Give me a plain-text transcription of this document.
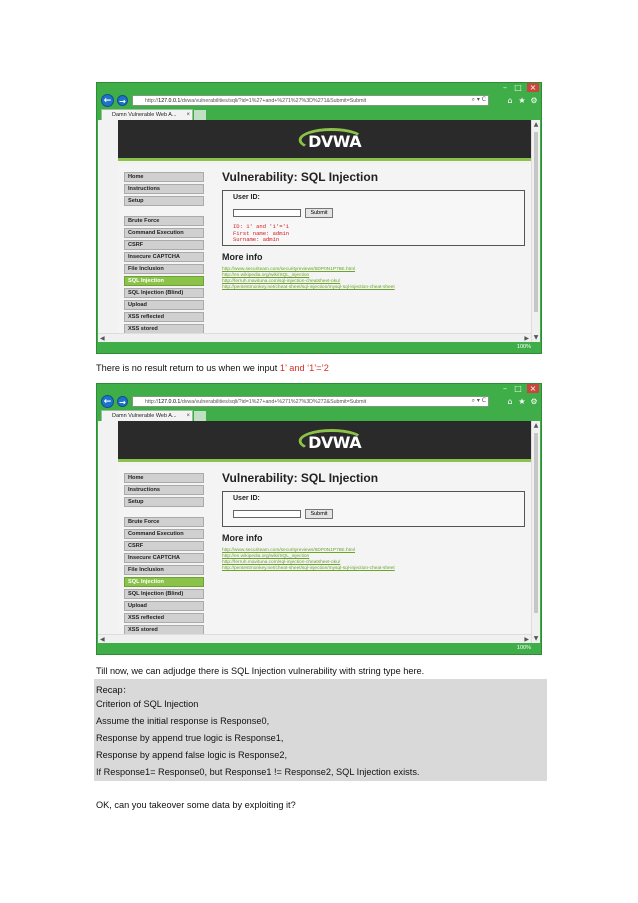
– □ ×
← →	http://127.0.0.1/dvwa/vulnerabilities/sqli/?id=1%27+and+%271%27%3D%271&Submit=Submit	⌕ ▾ C	⌂ ★ ⚙
Damn Vulnerable Web A... ×
DVWA
Home
Instructions
Setup
Brute Force
Command Execution
CSRF
Insecure CAPTCHA
File Inclusion
SQL Injection
SQL Injection (Blind)
Upload
XSS reflected
XSS stored
Vulnerability: SQL Injection
User ID:
Submit
ID: 1' and '1'='1
First name: admin
Surname: admin
More info
http://www.securiteam.com/securityreviews/5DP0N1P76E.html
http://en.wikipedia.org/wiki/SQL_injection
http://ferruh.mavituna.com/sql-injection-cheatsheet-oku/
http://pentestmonkey.net/cheat-sheet/sql-injection/mysql-sql-injection-cheat-sheet
▲
▼
◀	▶
100%
There is no result return to us when we input 1’ and ‘1’=’2
– □ ×
← →	http://127.0.0.1/dvwa/vulnerabilities/sqli/?id=1%27+and+%271%27%3D%272&Submit=Submit	⌕ ▾ C	⌂ ★ ⚙
Damn Vulnerable Web A... ×
DVWA
Home
Instructions
Setup
Brute Force
Command Execution
CSRF
Insecure CAPTCHA
File Inclusion
SQL Injection
SQL Injection (Blind)
Upload
XSS reflected
XSS stored
Vulnerability: SQL Injection
User ID:
Submit
More info
http://www.securiteam.com/securityreviews/5DP0N1P76E.html
http://en.wikipedia.org/wiki/SQL_injection
http://ferruh.mavituna.com/sql-injection-cheatsheet-oku/
http://pentestmonkey.net/cheat-sheet/sql-injection/mysql-sql-injection-cheat-sheet
▲
▼
◀	▶
100%
Till now, we can adjudge there is SQL Injection vulnerability with string type here.
Recap：
Criterion of SQL Injection
Assume the initial response is Response0,
Response by append true logic is Response1,
Response by append false logic is Response2,
If Response1= Response0, but Response1 != Response2, SQL Injection exists.
OK, can you takeover some data by exploiting it?
